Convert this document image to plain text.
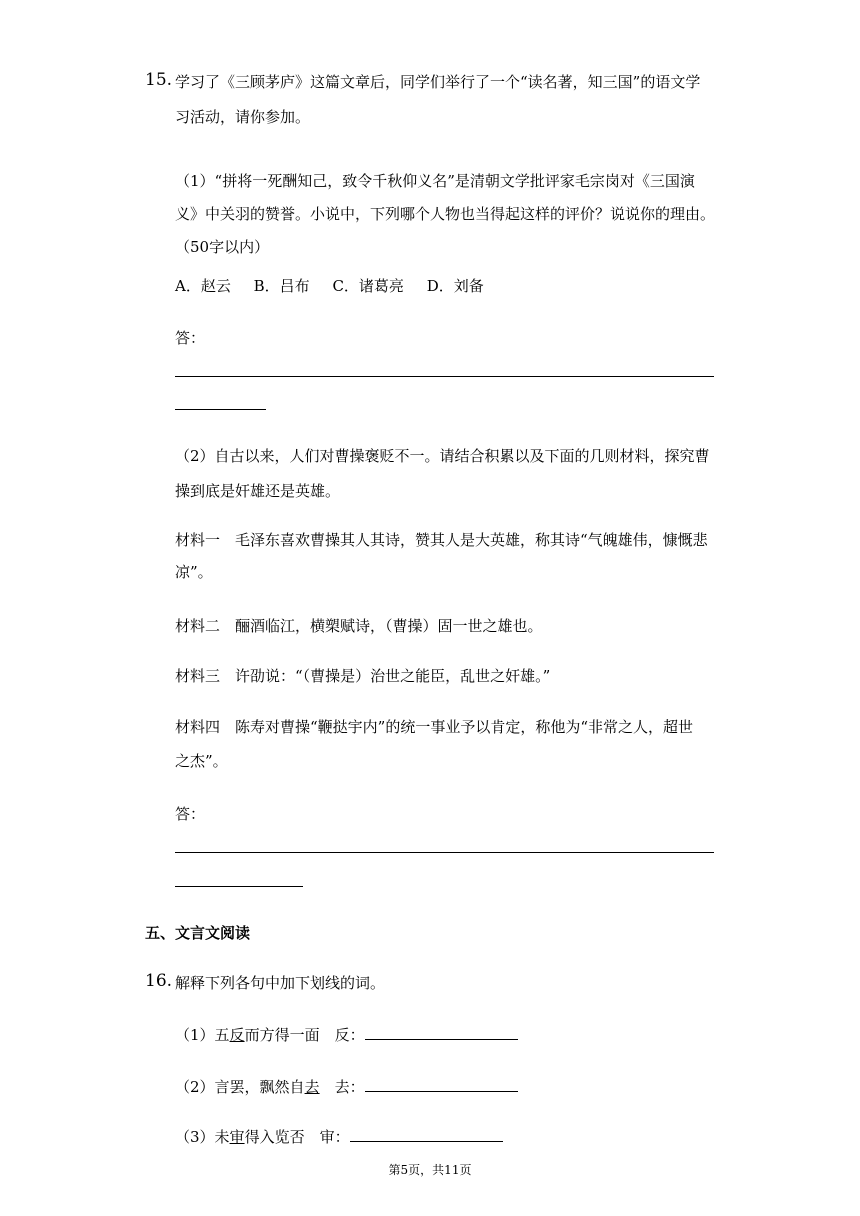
15. 学习了《三顾茅庐》这篇文章后，同学们举行了一个“读名著，知三国”的语文学
习活动，请你参加。
（1）“拼将一死酬知己，致令千秋仰义名”是清朝文学批评家毛宗岗对《三国演
义》中关羽的赞誉。小说中，下列哪个人物也当得起这样的评价？说说你的理由。
（50字以内）
A．赵云 B．吕布 C．诸葛亮 D．刘备
答：
（2）自古以来，人们对曹操褒贬不一。请结合积累以及下面的几则材料，探究曹
操到底是奸雄还是英雄。
材料一　毛泽东喜欢曹操其人其诗，赞其人是大英雄，称其诗“气魄雄伟，慷慨悲
凉”。
材料二　酾酒临江，横槊赋诗，（曹操）固一世之雄也。
材料三　许劭说：“（曹操是）治世之能臣，乱世之奸雄。”
材料四　陈寿对曹操“鞭挞宇内”的统一事业予以肯定，称他为“非常之人，超世
之杰”。
答：
五、文言文阅读
16. 解释下列各句中加下划线的词。
（1）五反而方得一面　反：
（2）言罢，飘然自去　去：
（3）未审得入览否　审：
第5页，共11页
